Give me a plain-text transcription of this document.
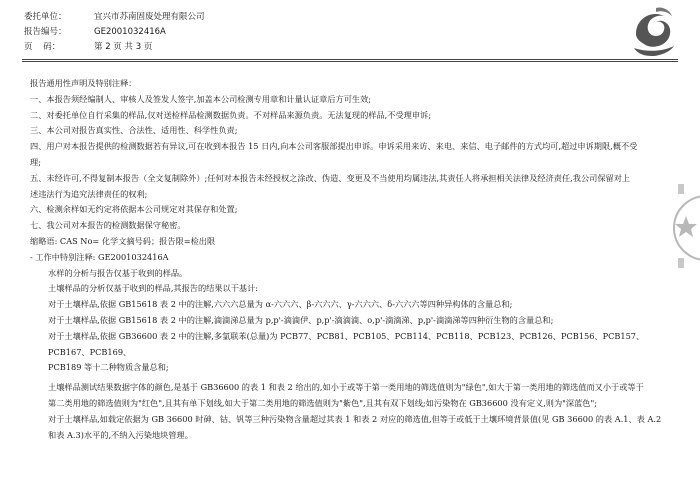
委托单位：	宜兴市苏南固废处理有限公司
报告编号：	GE2001032416A
页    码：	第 2 页 共 3 页

报告通用性声明及特别注释：

一、本报告须经编制人、审核人及签发人签字,加盖本公司检测专用章和计量认证章后方可生效;

二、对委托单位自行采集的样品,仅对送检样品检测数据负责。不对样品来源负责。无法复现的样品,不受理申诉;

三、本公司对报告真实性、合法性、适用性、科学性负责;

四、用户对本报告提供的检测数据若有异议,可在收到本报告 15 日内,向本公司客服部提出申诉。申诉采用来访、来电、来信、电子邮件的方式均可,超过申诉期限,概不受

理;

五、未经许可,不得复制本报告（全文复制除外）;任何对本报告未经授权之涂改、伪造、变更及不当使用均属违法,其责任人将承担相关法律及经济责任,我公司保留对上

述违法行为追究法律责任的权利;

六、检测余样如无约定将依据本公司规定对其保存和处置;

七、我公司对本报告的检测数据保守秘密。

缩略语: CAS No= 化学文摘号码；报告限=检出限

- 工作中特别注释: GE2001032416A

水样的分析与报告仅基于收到的样品。

土壤样品的分析仅基于收到的样品,其报告的结果以干基计:

对于土壤样品,依据 GB15618 表 2 中的注解,六六六总量为 α-六六六、β-六六六、γ-六六六、δ-六六六等四种异构体的含量总和;

对于土壤样品,依据 GB15618 表 2 中的注解,滴滴涕总量为 p,p'-滴滴伊、p,p'-滴滴滴、o,p'-滴滴涕、p,p'-滴滴涕等四种衍生物的含量总和;

对于土壤样品,依据 GB36600 表 2 中的注解,多氯联苯(总量)为 PCB77、PCB81、PCB105、PCB114、PCB118、PCB123、PCB126、PCB156、PCB157、PCB167、PCB169、

PCB189 等十二种物质含量总和;

土壤样品测试结果数据字体的颜色,是基于 GB36600 的表 1 和表 2 给出的,如小于或等于第一类用地的筛选值则为"绿色",如大于第一类用地的筛选值而又小于或等于

第二类用地的筛选值则为"红色",且其有单下划线,如大于第二类用地的筛选值则为"紫色",且其有双下划线;如污染物在 GB36600 没有定义,则为"深蓝色";

对于土壤样品,如载定依据为 GB 36600 时砷、钴、钒等三种污染物含量超过其表 1 和表 2 对应的筛选值,但等于或低于土壤环境背景值(见 GB 36600 的表 A.1、表 A.2

和表 A.3)水平的,不纳入污染地块管理。
